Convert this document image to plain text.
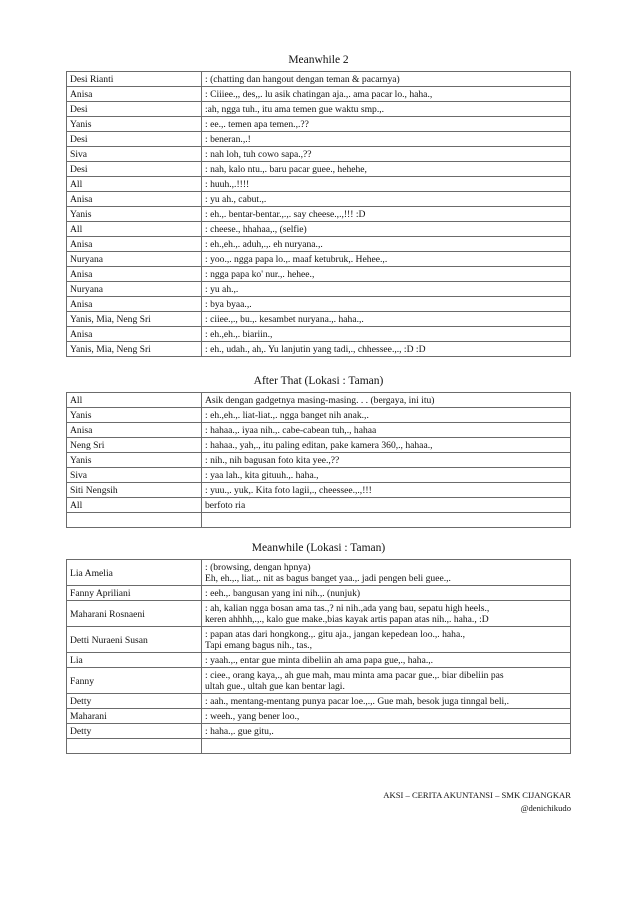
Meanwhile 2
Desi Rianti	: (chatting dan hangout dengan teman & pacarnya)

Anisa	: Ciiiee.,, des,,. lu asik chatingan aja.,. ama pacar lo., haha.,

Desi	:ah, ngga tuh., itu ama temen gue waktu smp.,.

Yanis	: ee.,. temen apa temen.,.??

Desi	: beneran.,.!

Siva	: nah loh, tuh cowo sapa.,??

Desi	: nah, kalo ntu.,. baru pacar guee., hehehe,

All	: huuh.,.!!!!

Anisa	: yu ah., cabut.,.

Yanis	: eh.,. bentar-bentar.,.,. say cheese.,.,!!! :D

All	: cheese., hhahaa,., (selfie)

Anisa	: eh.,eh.,. aduh,.,. eh nuryana.,.

Nuryana	: yoo.,. ngga papa lo.,. maaf ketubruk,. Hehee.,.

Anisa	: ngga papa ko' nur.,. hehee.,

Nuryana	: yu ah.,.

Anisa	: bya byaa.,.

Yanis, Mia, Neng Sri	: ciiee.,., bu.,. kesambet nuryana.,. haha.,.

Anisa	: eh.,eh.,. biariin.,

Yanis, Mia, Neng Sri	: eh., udah., ah,. Yu lanjutin yang tadi,., chhessee.,., :D :D
After That (Lokasi : Taman)
All	Asik dengan gadgetnya masing-masing. . . (bergaya, ini itu)

Yanis	: eh.,eh.,. liat-liat.,. ngga banget nih anak.,.

Anisa	: hahaa.,. iyaa nih.,. cabe-cabean tuh,., hahaa

Neng Sri	: hahaa., yah,., itu paling editan, pake kamera 360,., hahaa.,

Yanis	: nih., nih bagusan foto kita yee.,??

Siva	: yaa lah., kita gituuh.,. haha.,

Siti Nengsih	: yuu.,. yuk,. Kita foto lagii,., cheessee.,.,!!!

All	berfoto ria

Meanwhile (Lokasi : Taman)
Lia Amelia	: (browsing, dengan hpnya)
Eh, eh.,., liat.,. nit as bagus banget yaa.,. jadi pengen beli guee.,.

Fanny Apriliani	: eeh.,. bangusan yang ini nih.,. (nunjuk)

Maharani Rosnaeni	: ah, kalian ngga bosan ama tas.,? ni nih.,ada yang bau, sepatu high heels.,
keren ahhhh,.,., kalo gue make.,bias kayak artis papan atas nih.,. haha., :D

Detti Nuraeni Susan	: papan atas dari hongkong.,. gitu aja., jangan kepedean loo.,. haha.,
Tapi emang bagus nih., tas.,

Lia	: yaah.,., entar gue minta dibeliin ah ama papa gue,., haha.,.

Fanny	: ciee., orang kaya,., ah gue mah, mau minta ama pacar gue.,. biar dibeliin pas
ultah gue., ultah gue kan bentar lagi.

Detty	: aah., mentang-mentang punya pacar loe.,.,. Gue mah, besok juga tinngal beli,.

Maharani	: weeh., yang bener loo.,

Detty	: haha.,. gue gitu,.

AKSI – CERITA AKUNTANSI – SMK CIJANGKAR
@denichikudo
